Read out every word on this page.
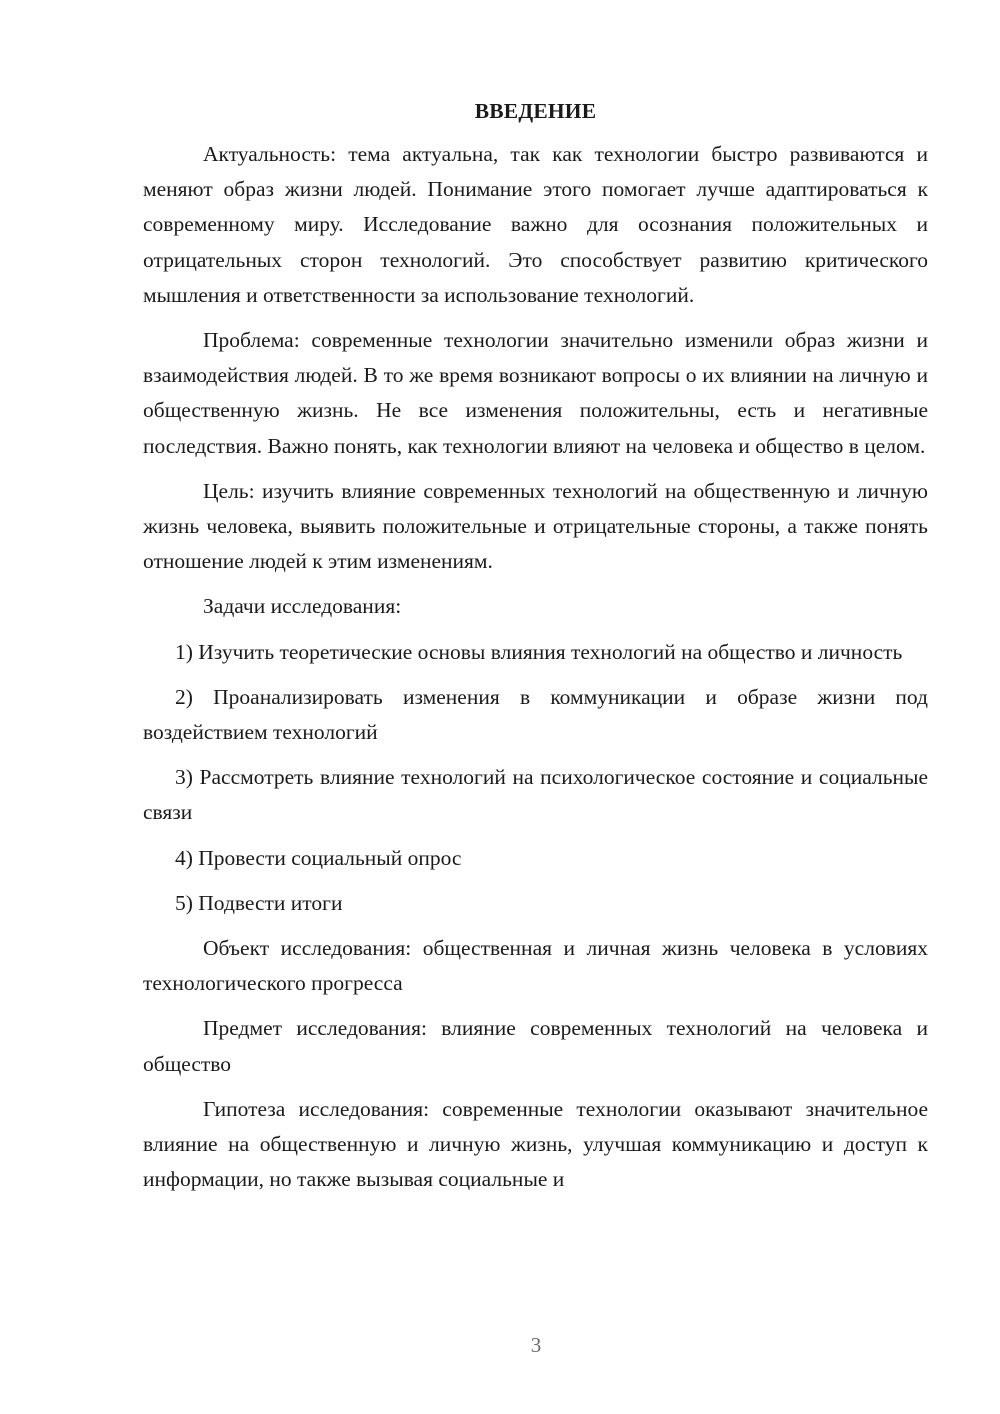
ВВЕДЕНИЕ

Актуальность: тема актуальна, так как технологии быстро развиваются и меняют образ жизни людей. Понимание этого помогает лучше адаптироваться к современному миру. Исследование важно для осознания положительных и отрицательных сторон технологий. Это способствует развитию критического мышления и ответственности за использование технологий.

Проблема: современные технологии значительно изменили образ жизни и взаимодействия людей. В то же время возникают вопросы о их влиянии на личную и общественную жизнь. Не все изменения положительны, есть и негативные последствия. Важно понять, как технологии влияют на человека и общество в целом.

Цель: изучить влияние современных технологий на общественную и личную жизнь человека, выявить положительные и отрицательные стороны, а также понять отношение людей к этим изменениям.

Задачи исследования:

1) Изучить теоретические основы влияния технологий на общество и личность

2) Проанализировать изменения в коммуникации и образе жизни под воздействием технологий

3) Рассмотреть влияние технологий на психологическое состояние и социальные связи

4) Провести социальный опрос

5) Подвести итоги

Объект исследования: общественная и личная жизнь человека в условиях технологического прогресса

Предмет исследования: влияние современных технологий на человека и общество

Гипотеза исследования: современные технологии оказывают значительное влияние на общественную и личную жизнь, улучшая коммуникацию и доступ к информации, но также вызывая социальные и

3
